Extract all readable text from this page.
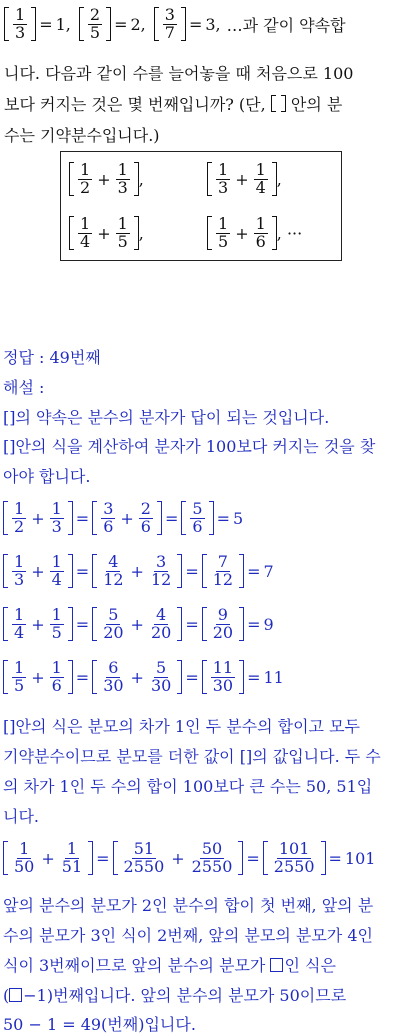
1
3 = 1 ,
2
5 = 2 ,
3
7 = 3 , …과 같이 약속합
니다. 다음과 같이 수를 늘어놓을 때 처음으로 100
보다 커지는 것은 몇 번째입니까? (단,  안의 분
수는 기약분수입니다.)
1
$2 + \frac{1}{3}$ ,
1
$3 + \frac{1}{4}$ ,
1
$4 + \frac{1}{5}$ ,
1
$5 + \frac{1}{6}$ , ···
정답 : 49번째
해설 :
[]의 약속은 분수의 분자가 답이 되는 것입니다.
[]안의 식을 계산하여 분자가 100보다 커지는 것을 찾
아야 합니다.
1
$2 + \frac{1}{3}$ =
3
$6 + \frac{2}{6}$ =
5
6 = 5
1
$3 + \frac{1}{4}$ =
4
$12 + \frac{3}{12}$ =
7
12 = 7
1
$4 + \frac{1}{5}$ =
5
$20 + \frac{4}{20}$ =
9
20 = 9
1
$5 + \frac{1}{6}$ =
6
$30 + \frac{5}{30}$ =
11
30 = 11
[]안의 식은 분모의 차가 1인 두 분수의 합이고 모두
기약분수이므로 분모를 더한 값이 []의 값입니다. 두 수
의 차가 1인 두 수의 합이 100보다 큰 수는 50, 51입
니다.
1
$50 + \frac{1}{51}$ =
51
$2550 + \frac{50}{2550}$ =
101
2550 = 101
앞의 분수의 분모가 2인 분수의 합이 첫 번째, 앞의 분
수의 분모가 3인 식이 2번째, 앞의 분모의 분모가 4인
식이 3번째이므로 앞의 분수의 분모가 인 식은
( −1)번째입니다. 앞의 분수의 분모가 50이므로
50 − 1 = 49(번째)입니다.
